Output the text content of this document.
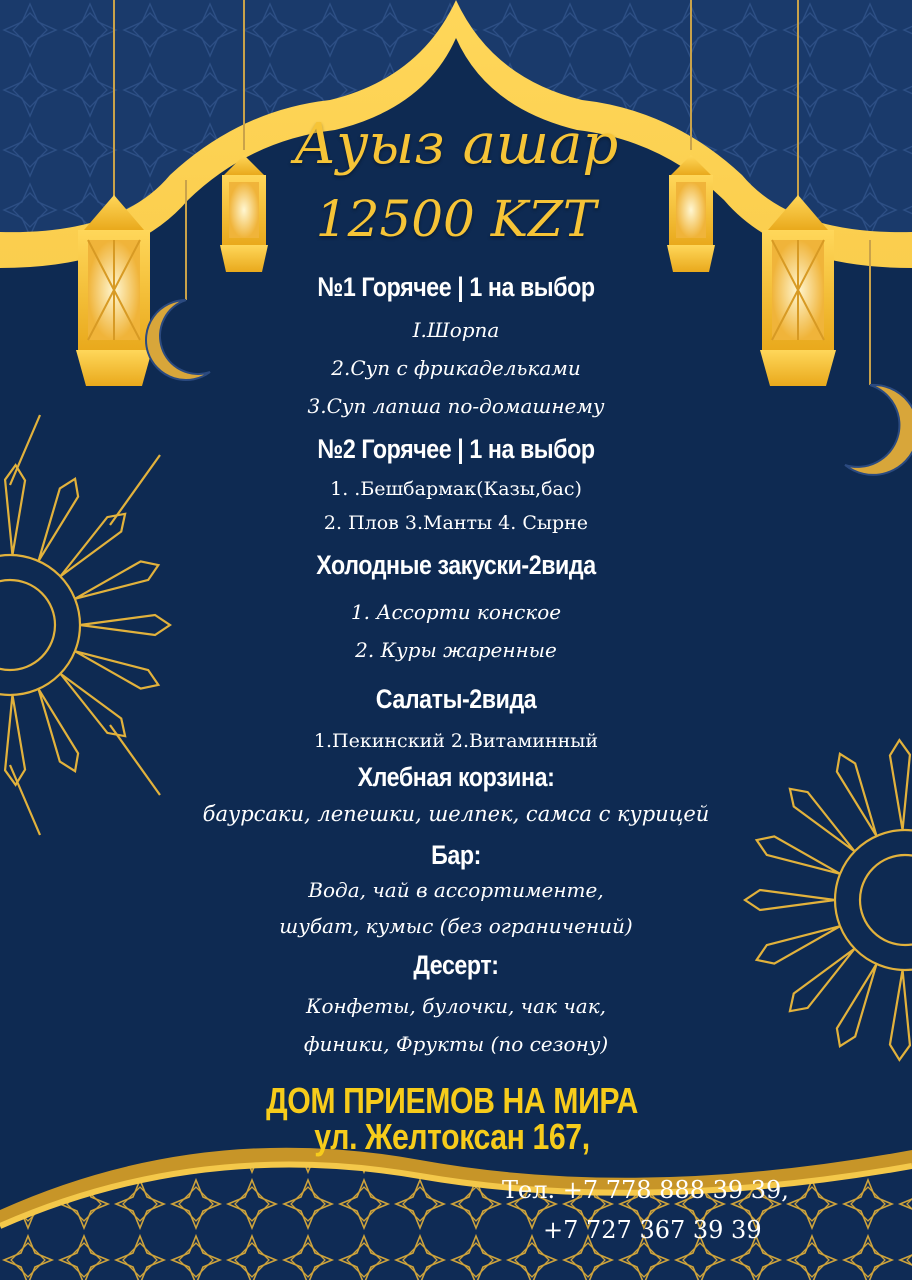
Ауыз ашар
12500 KZT
№1 Горячее | 1 на выбор
I.Шорпа
2.Суп с фрикадельками
3.Суп лапша по-домашнему
№2 Горячее | 1 на выбор
1. .Бешбармак(Казы,бас)
2. Плов 3.Манты 4. Сырне
Холодные закуски-2вида
1. Ассорти конское
2. Куры жаренные
Салаты-2вида
1.Пекинский 2.Витаминный
Хлебная корзина:
баурсаки, лепешки, шелпек, самса с курицей
Бар:
Вода, чай в ассортименте,
шубат, кумыс (без ограничений)
Десерт:
Конфеты, булочки, чак чак,
финики, Фрукты (по сезону)
ДОМ ПРИЕМОВ НА МИРА
ул. Желтоксан 167,
Тел. +7 778 888 39 39,
+7 727 367 39 39
